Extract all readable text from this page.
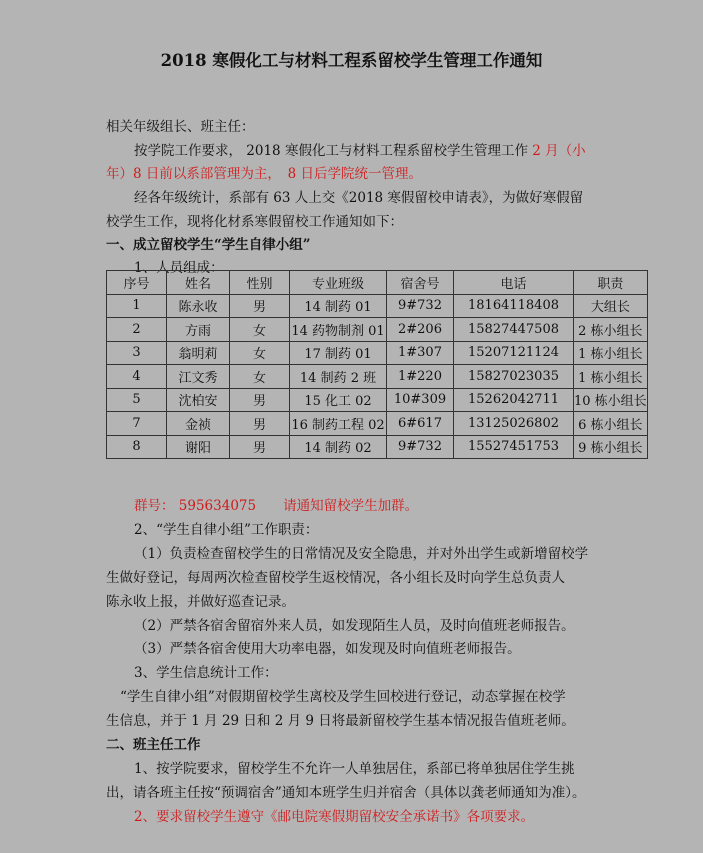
2018 寒假化工与材料工程系留校学生管理工作通知
相关年级组长、班主任：
按学院工作要求， 2018 寒假化工与材料工程系留校学生管理工作 2 月（小
年）8 日前以系部管理为主，　8 日后学院统一管理。
经各年级统计，系部有 63 人上交《2018 寒假留校申请表》，为做好寒假留
校学生工作，现将化材系寒假留校工作通知如下：
一、成立留校学生“学生自律小组”
1、人员组成：
序号	姓名	性别	专业班级	宿舍号	电话	职责
1	陈永收	男	14 制药 01	9#732	18164118408	大组长
2	方雨	女	14 药物制剂 01	2#206	15827447508	2 栋小组长
3	翁明莉	女	17 制药 01	1#307	15207121124	1 栋小组长
4	江文秀	女	14 制药 2 班	1#220	15827023035	1 栋小组长
5	沈柏安	男	15 化工 02	10#309	15262042711	10 栋小组长
7	金祯	男	16 制药工程 02	6#617	13125026802	6 栋小组长
8	谢阳	男	14 制药 02	9#732	15527451753	9 栋小组长
群号： 595634075　　请通知留校学生加群。
2、“学生自律小组”工作职责：
（1）负责检查留校学生的日常情况及安全隐患，并对外出学生或新增留校学
生做好登记，每周两次检查留校学生返校情况，各小组长及时向学生总负责人
陈永收上报，并做好巡查记录。
（2）严禁各宿舍留宿外来人员，如发现陌生人员，及时向值班老师报告。
（3）严禁各宿舍使用大功率电器，如发现及时向值班老师报告。
3、学生信息统计工作：
“学生自律小组”对假期留校学生离校及学生回校进行登记，动态掌握在校学
生信息，并于 1 月 29 日和 2 月 9 日将最新留校学生基本情况报告值班老师。
二、班主任工作
1、按学院要求，留校学生不允许一人单独居住，系部已将单独居住学生挑
出，请各班主任按“预调宿舍”通知本班学生归并宿舍（具体以龚老师通知为准）。
2、要求留校学生遵守《邮电院寒假期留校安全承诺书》各项要求。
